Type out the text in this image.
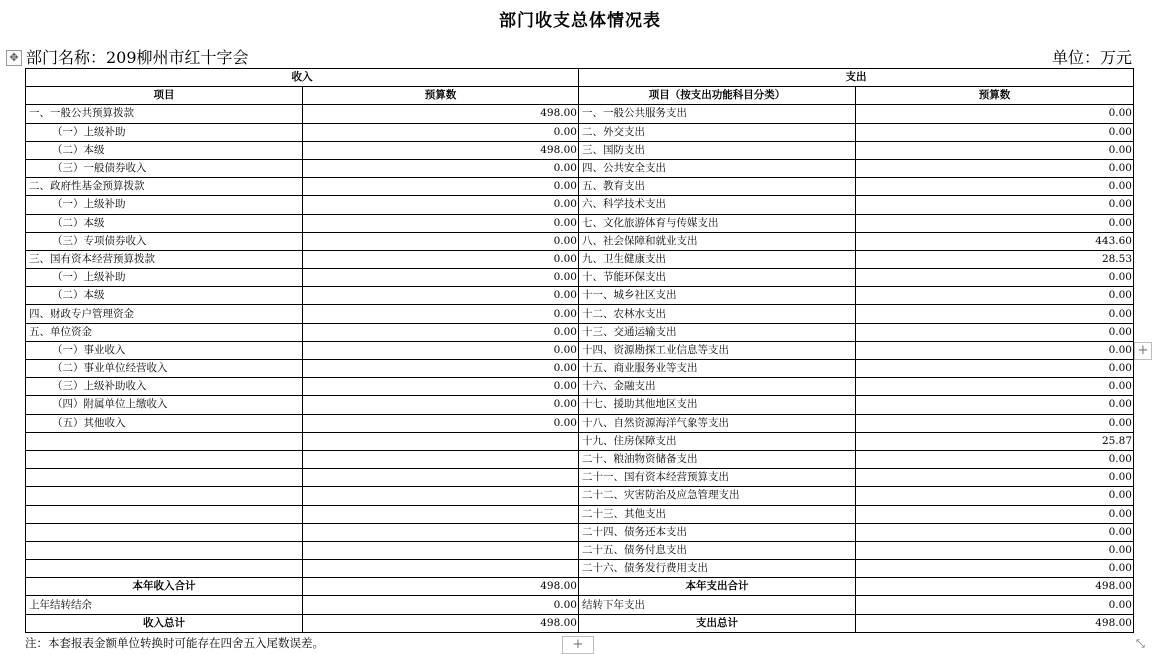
部门收支总体情况表
✥ 部门名称：209柳州市红十字会	单位：万元
收入		支出	
项目	预算数	项目（按支出功能科目分类）	预算数
一、一般公共预算拨款	498.00	一、一般公共服务支出	0.00
（一）上级补助	0.00	二、外交支出	0.00
（二）本级	498.00	三、国防支出	0.00
（三）一般债券收入	0.00	四、公共安全支出	0.00
二、政府性基金预算拨款	0.00	五、教育支出	0.00
（一）上级补助	0.00	六、科学技术支出	0.00
（二）本级	0.00	七、文化旅游体育与传媒支出	0.00
（三）专项债券收入	0.00	八、社会保障和就业支出	443.60
三、国有资本经营预算拨款	0.00	九、卫生健康支出	28.53
（一）上级补助	0.00	十、节能环保支出	0.00
（二）本级	0.00	十一、城乡社区支出	0.00
四、财政专户管理资金	0.00	十二、农林水支出	0.00
五、单位资金	0.00	十三、交通运输支出	0.00
（一）事业收入	0.00	十四、资源勘探工业信息等支出	0.00
（二）事业单位经营收入	0.00	十五、商业服务业等支出	0.00
（三）上级补助收入	0.00	十六、金融支出	0.00
（四）附属单位上缴收入	0.00	十七、援助其他地区支出	0.00
（五）其他收入	0.00	十八、自然资源海洋气象等支出	0.00
		十九、住房保障支出	25.87
		二十、粮油物资储备支出	0.00
		二十一、国有资本经营预算支出	0.00
		二十二、灾害防治及应急管理支出	0.00
		二十三、其他支出	0.00
		二十四、债务还本支出	0.00
		二十五、债务付息支出	0.00
		二十六、债务发行费用支出	0.00
本年收入合计	498.00	本年支出合计	498.00
上年结转结余	0.00	结转下年支出	0.00
收入总计	498.00	支出总计	498.00
注：本套报表金额单位转换时可能存在四舍五入尾数误差。
+
+	⤡
